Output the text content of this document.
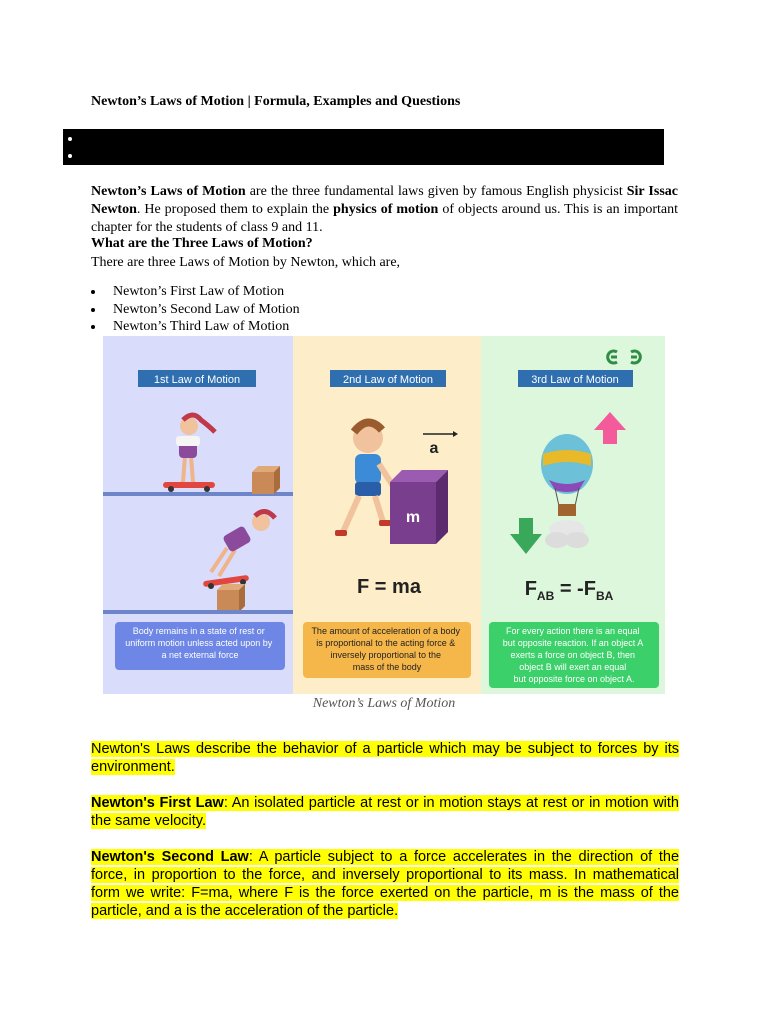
Newton’s Laws of Motion | Formula, Examples and Questions
Newton’s Laws of Motion are the three fundamental laws given by famous English physicist Sir Issac Newton. He proposed them to explain the physics of motion of objects around us. This is an important chapter for the students of class 9 and 11.
What are the Three Laws of Motion?
There are three Laws of Motion by Newton, which are,
Newton’s First Law of Motion
Newton’s Second Law of Motion
Newton’s Third Law of Motion
1st Law of Motion	2nd Law of Motion	3rd Law of Motion
m
a
F = ma	$F_{AB} = -F_{BA}$
Body remains in a state of rest or uniform motion unless acted upon by a net external force
The amount of acceleration of a body is proportional to the acting force & inversely proportional to the mass of the body
For every action there is an equal but opposite reaction. If an object A exerts a force on object B, then object B will exert an equal but opposite force on object A.
Newton’s Laws of Motion
Newton's Laws describe the behavior of a particle which may be subject to forces by its environment.
Newton's First Law: An isolated particle at rest or in motion stays at rest or in motion with the same velocity.
Newton's Second Law: A particle subject to a force accelerates in the direction of the force, in proportion to the force, and inversely proportional to its mass. In mathematical form we write: F=ma, where F is the force exerted on the particle, m is the mass of the particle, and a is the acceleration of the particle.
